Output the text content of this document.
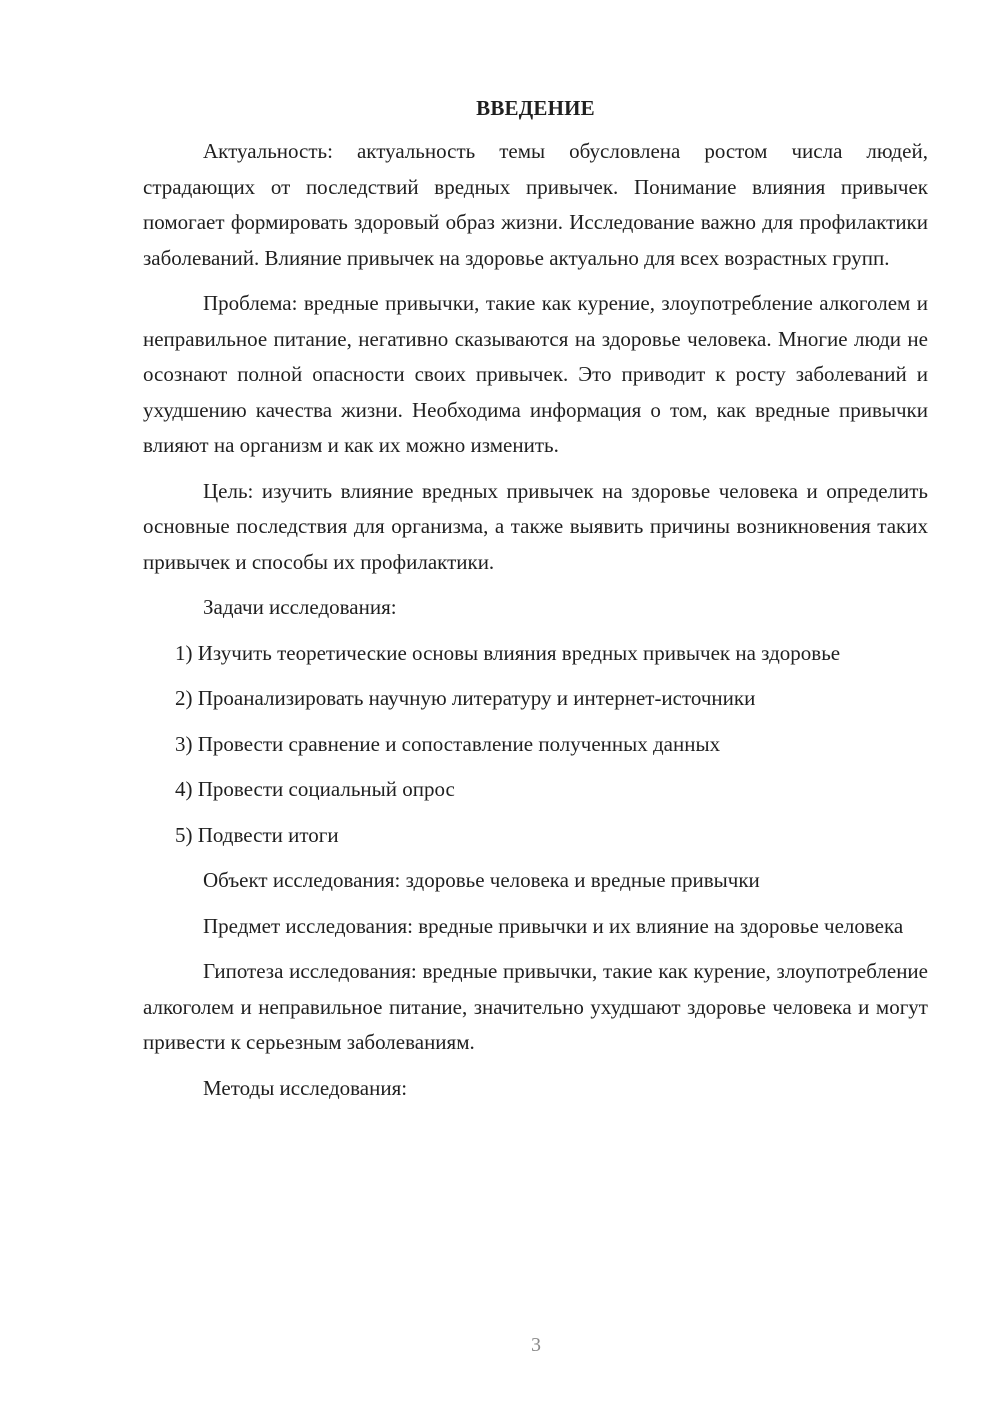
ВВЕДЕНИЕ

Актуальность: актуальность темы обусловлена ростом числа людей, страдающих от последствий вредных привычек. Понимание влияния привычек помогает формировать здоровый образ жизни. Исследование важно для профилактики заболеваний. Влияние привычек на здоровье актуально для всех возрастных групп.

Проблема: вредные привычки, такие как курение, злоупотребление алкоголем и неправильное питание, негативно сказываются на здоровье человека. Многие люди не осознают полной опасности своих привычек. Это приводит к росту заболеваний и ухудшению качества жизни. Необходима информация о том, как вредные привычки влияют на организм и как их можно изменить.

Цель: изучить влияние вредных привычек на здоровье человека и определить основные последствия для организма, а также выявить причины возникновения таких привычек и способы их профилактики.

Задачи исследования:

1) Изучить теоретические основы влияния вредных привычек на здоровье

2) Проанализировать научную литературу и интернет-источники

3) Провести сравнение и сопоставление полученных данных

4) Провести социальный опрос

5) Подвести итоги

Объект исследования: здоровье человека и вредные привычки

Предмет исследования: вредные привычки и их влияние на здоровье человека

Гипотеза исследования: вредные привычки, такие как курение, злоупотребление алкоголем и неправильное питание, значительно ухудшают здоровье человека и могут привести к серьезным заболеваниям.

Методы исследования:

3
